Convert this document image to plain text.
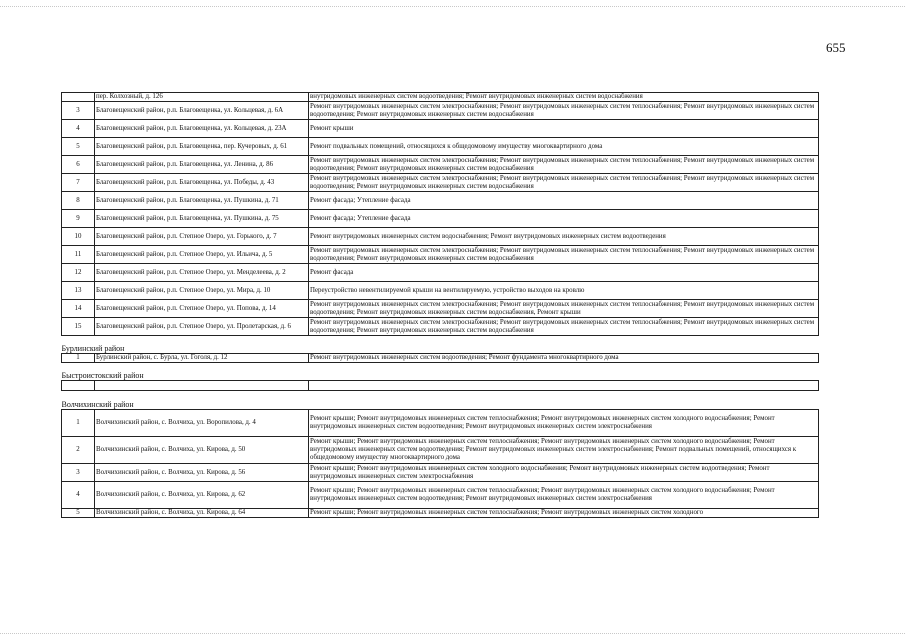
655
	пер. Колхозный, д. 126	внутридомовых инженерных систем водоотведения; Ремонт внутридомовых инженерных систем водоснабжения
3	Благовещенский район, р.п. Благовещенка, ул. Кольцевая, д. 6А	Ремонт внутридомовых инженерных систем электроснабжения; Ремонт внутридомовых инженерных систем теплоснабжения; Ремонт внутридомовых инженерных систем водоотведения; Ремонт внутридомовых инженерных систем водоснабжения
4	Благовещенский район, р.п. Благовещенка, ул. Кольцевая, д. 23А	Ремонт крыши
5	Благовещенский район, р.п. Благовещенка, пер. Кучеровых, д. 61	Ремонт подвальных помещений, относящихся к общедомовому имуществу многоквартирного дома
6	Благовещенский район, р.п. Благовещенка, ул. Ленина, д. 86	Ремонт внутридомовых инженерных систем электроснабжения; Ремонт внутридомовых инженерных систем теплоснабжения; Ремонт внутридомовых инженерных систем водоотведения; Ремонт внутридомовых инженерных систем водоснабжения
7	Благовещенский район, р.п. Благовещенка, ул. Победы, д. 43	Ремонт внутридомовых инженерных систем электроснабжения; Ремонт внутридомовых инженерных систем теплоснабжения; Ремонт внутридомовых инженерных систем водоотведения; Ремонт внутридомовых инженерных систем водоснабжения
8	Благовещенский район, р.п. Благовещенка, ул. Пушкина, д. 71	Ремонт фасада; Утепление фасада
9	Благовещенский район, р.п. Благовещенка, ул. Пушкина, д. 75	Ремонт фасада; Утепление фасада
10	Благовещенский район, р.п. Степное Озеро, ул. Горького, д. 7	Ремонт внутридомовых инженерных систем водоснабжения; Ремонт внутридомовых инженерных систем водоотведения
11	Благовещенский район, р.п. Степное Озеро, ул. Ильича, д. 5	Ремонт внутридомовых инженерных систем электроснабжения; Ремонт внутридомовых инженерных систем теплоснабжения; Ремонт внутридомовых инженерных систем водоотведения; Ремонт внутридомовых инженерных систем водоснабжения
12	Благовещенский район, р.п. Степное Озеро, ул. Менделеева, д. 2	Ремонт фасада
13	Благовещенский район, р.п. Степное Озеро, ул. Мира, д. 10	Переустройство невентилируемой крыши на вентилируемую, устройство выходов на кровлю
14	Благовещенский район, р.п. Степное Озеро, ул. Попова, д. 14	Ремонт внутридомовых инженерных систем электроснабжения; Ремонт внутридомовых инженерных систем теплоснабжения; Ремонт внутридомовых инженерных систем водоотведения; Ремонт внутридомовых инженерных систем водоснабжения, Ремонт крыши
15	Благовещенский район, р.п. Степное Озеро, ул. Пролетарская, д. 6	Ремонт внутридомовых инженерных систем электроснабжения; Ремонт внутридомовых инженерных систем теплоснабжения; Ремонт внутридомовых инженерных систем водоотведения; Ремонт внутридомовых инженерных систем водоснабжения

Бурлинский район		
1	Бурлинский район, с. Бурла, ул. Гоголя, д. 12	Ремонт внутридомовых инженерных систем водоотведения; Ремонт фундамента многоквартирного дома

Быстроистокский район		

Волчихинский район		
1	Волчихинский район, с. Волчиха, ул. Воропилова, д. 4	Ремонт крыши; Ремонт внутридомовых инженерных систем теплоснабжения; Ремонт внутридомовых инженерных систем холодного водоснабжения; Ремонт внутридомовых инженерных систем водоотведения; Ремонт внутридомовых инженерных систем электроснабжения
2	Волчихинский район, с. Волчиха, ул. Кирова, д. 50	Ремонт крыши; Ремонт внутридомовых инженерных систем теплоснабжения; Ремонт внутридомовых инженерных систем холодного водоснабжения; Ремонт внутридомовых инженерных систем водоотведения; Ремонт внутридомовых инженерных систем электроснабжения; Ремонт подвальных помещений, относящихся к общедомовому имуществу многоквартирного дома
3	Волчихинский район, с. Волчиха, ул. Кирова, д. 56	Ремонт крыши; Ремонт внутридомовых инженерных систем холодного водоснабжения; Ремонт внутридомовых инженерных систем водоотведения; Ремонт внутридомовых инженерных систем электроснабжения
4	Волчихинский район, с. Волчиха, ул. Кирова, д. 62	Ремонт крыши; Ремонт внутридомовых инженерных систем теплоснабжения; Ремонт внутридомовых инженерных систем холодного водоснабжения; Ремонт внутридомовых инженерных систем водоотведения; Ремонт внутридомовых инженерных систем электроснабжения
5	Волчихинский район, с. Волчиха, ул. Кирова, д. 64	Ремонт крыши; Ремонт внутридомовых инженерных систем теплоснабжения; Ремонт внутридомовых инженерных систем холодного
